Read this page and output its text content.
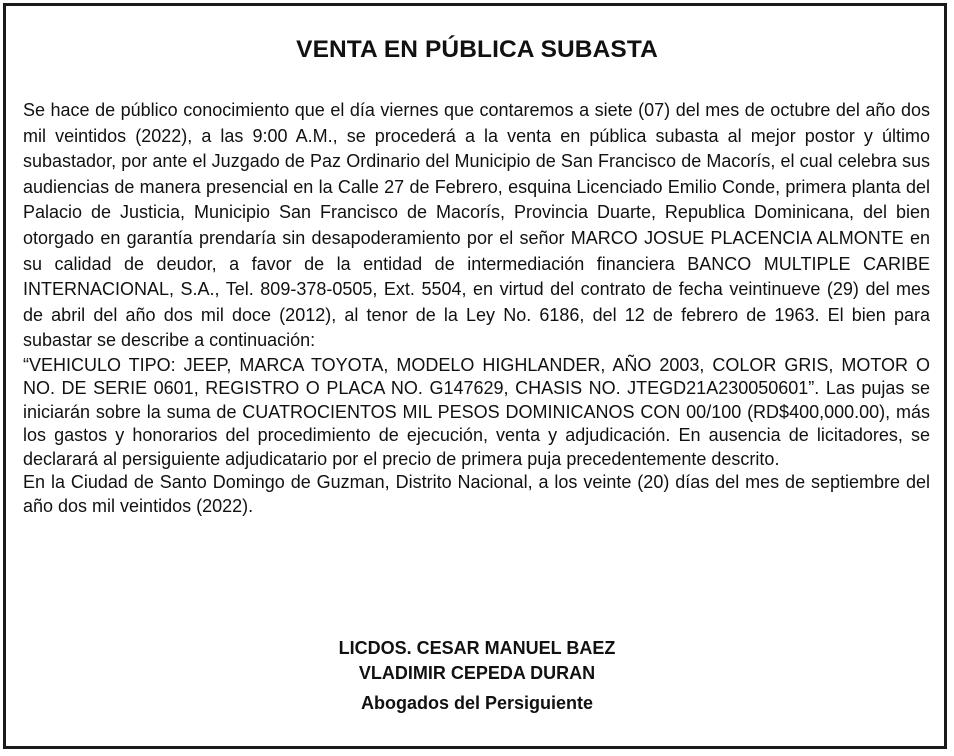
VENTA EN PÚBLICA SUBASTA

Se hace de público conocimiento que el día viernes que contaremos a siete (07) del mes de octubre del año dos mil veintidos (2022), a las 9:00 A.M., se procederá a la venta en pública subasta al mejor postor y último subastador, por ante el Juzgado de Paz Ordinario del Municipio de San Francisco de Macorís, el cual celebra sus audiencias de manera presencial en la Calle 27 de Febrero, esquina Licenciado Emilio Conde, primera planta del Palacio de Justicia, Municipio San Francisco de Macorís, Provincia Duarte, Republica Dominicana, del bien otorgado en garantía prendaría sin desapoderamiento por el señor MARCO JOSUE PLACENCIA ALMONTE en su calidad de deudor, a favor de la entidad de intermediación financiera BANCO MULTIPLE CARIBE INTERNACIONAL, S.A., Tel. 809-378-0505, Ext. 5504, en virtud del contrato de fecha veintinueve (29) del mes de abril del año dos mil doce (2012), al tenor de la Ley No. 6186, del 12 de febrero de 1963. El bien para subastar se describe a continuación:

“VEHICULO TIPO: JEEP, MARCA TOYOTA, MODELO HIGHLANDER, AÑO 2003, COLOR GRIS, MOTOR O NO. DE SERIE 0601, REGISTRO O PLACA NO. G147629, CHASIS NO. JTEGD21A230050601”. Las pujas se iniciarán sobre la suma de CUATROCIENTOS MIL PESOS DOMINICANOS CON 00/100 (RD$400,000.00), más los gastos y honorarios del procedimiento de ejecución, venta y adjudicación. En ausencia de licitadores, se declarará al persiguiente adjudicatario por el precio de primera puja precedentemente descrito.

En la Ciudad de Santo Domingo de Guzman, Distrito Nacional, a los veinte (20) días del mes de septiembre del año dos mil veintidos (2022).

LICDOS. CESAR MANUEL BAEZ
VLADIMIR CEPEDA DURAN
Abogados del Persiguiente
